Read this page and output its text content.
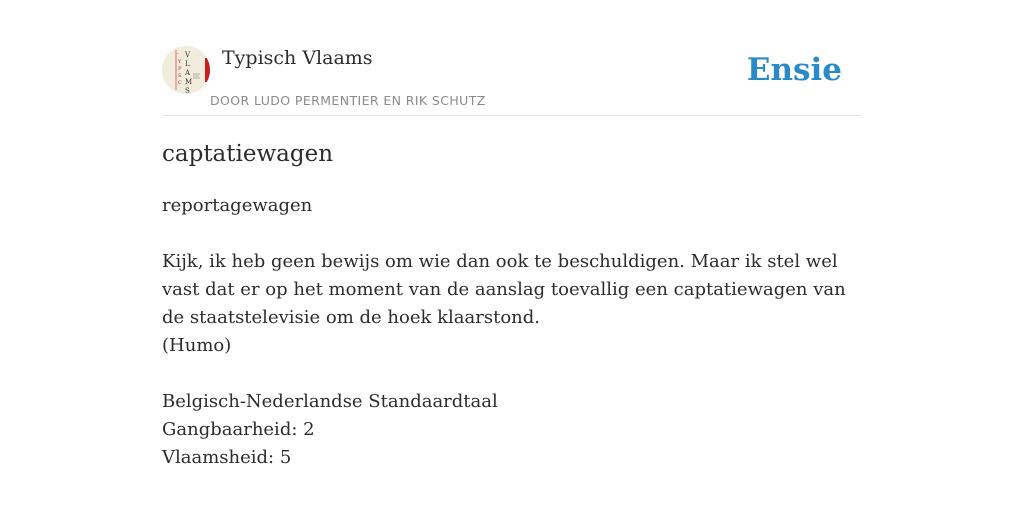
·
Y
P
S
C
V
L
A
M
S
Typisch Vlaams
DOOR LUDO PERMENTIER EN RIK SCHUTZ
Ensie
captatiewagen
reportagewagen
Kijk, ik heb geen bewijs om wie dan ook te beschuldigen. Maar ik stel wel vast dat er op het moment van de aanslag toevallig een captatiewagen van de staatstelevisie om de hoek klaarstond.
(Humo)
Belgisch-Nederlandse Standaardtaal
Gangbaarheid: 2
Vlaamsheid: 5
